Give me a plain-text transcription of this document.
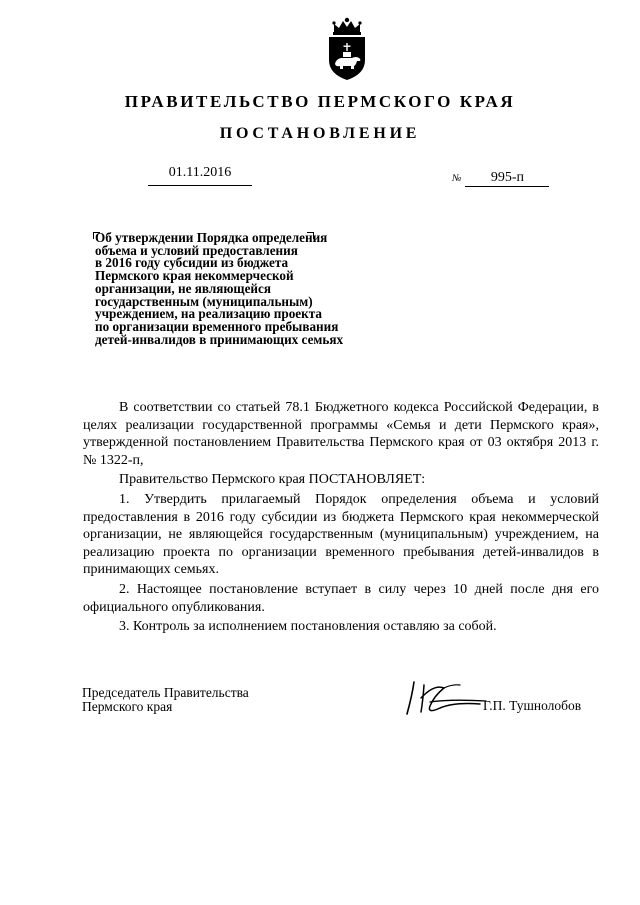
ПРАВИТЕЛЬСТВО ПЕРМСКОГО КРАЯ
ПОСТАНОВЛЕНИЕ
01.11.2016	№ 995-п
Об утверждении Порядка определения
объема и условий предоставления
в 2016 году субсидии из бюджета
Пермского края некоммерческой
организации, не являющейся
государственным (муниципальным)
учреждением, на реализацию проекта
по организации временного пребывания
детей-инвалидов в принимающих семьях

В соответствии со статьей 78.1 Бюджетного кодекса Российской Федерации, в целях реализации государственной программы «Семья и дети Пермского края», утвержденной постановлением Правительства Пермского края от 03 октября 2013 г. № 1322-п,

Правительство Пермского края ПОСТАНОВЛЯЕТ:

1. Утвердить прилагаемый Порядок определения объема и условий предоставления в 2016 году субсидии из бюджета Пермского края некоммерческой организации, не являющейся государственным (муниципальным) учреждением, на реализацию проекта по организации временного пребывания детей-инвалидов в принимающих семьях.

2. Настоящее постановление вступает в силу через 10 дней после дня его официального опубликования.

3. Контроль за исполнением постановления оставляю за собой.

Председатель Правительства
Пермского края	Г.П. Тушнолобов
